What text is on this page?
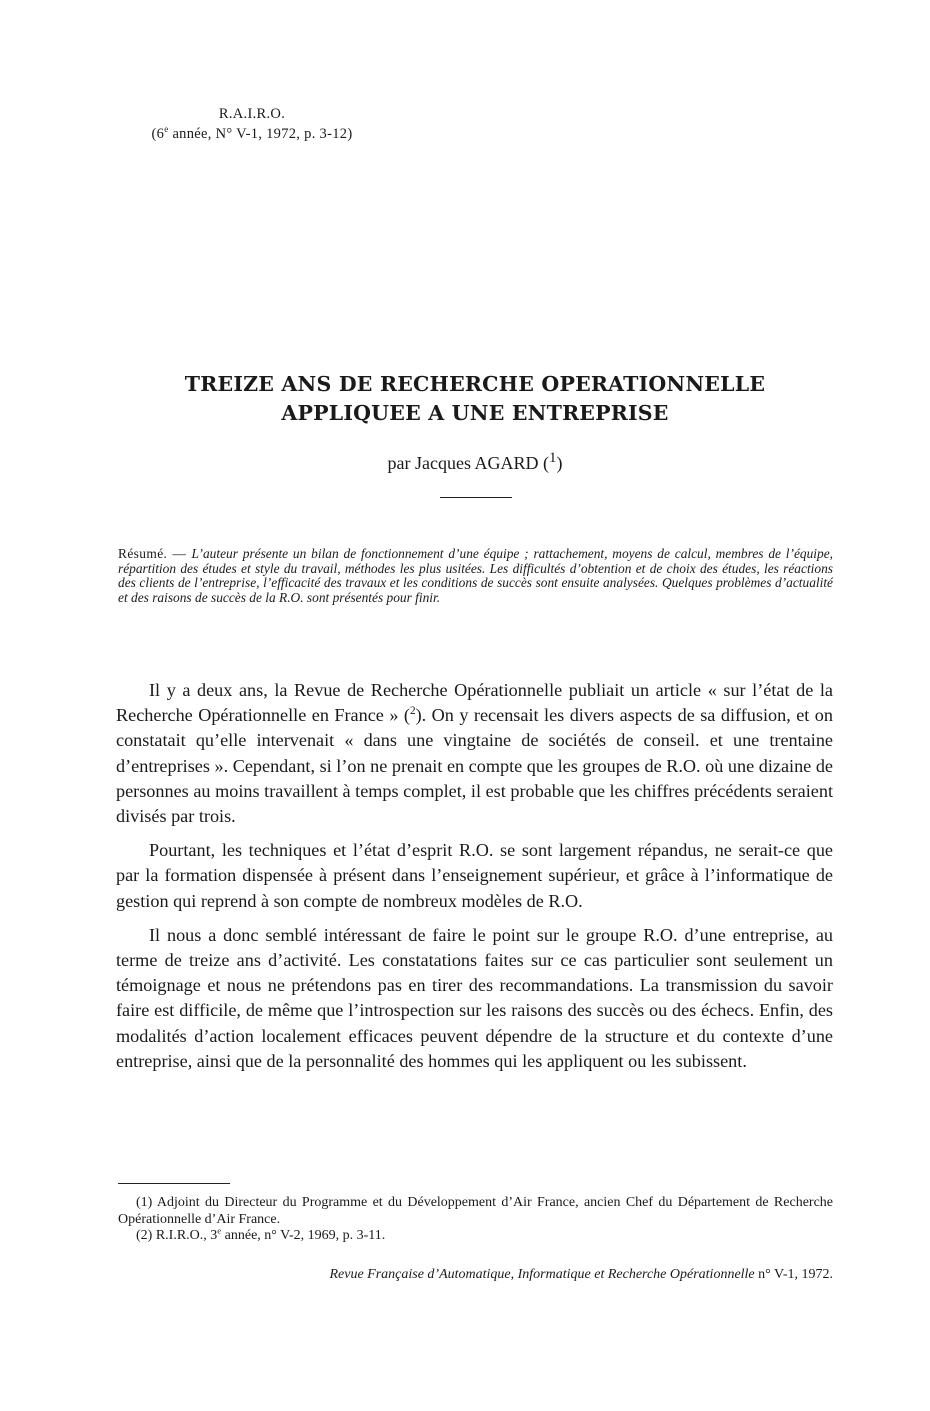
R.A.I.R.O.
(6e année, N° V-1, 1972, p. 3-12)
TREIZE ANS DE RECHERCHE OPERATIONNELLE
APPLIQUEE A UNE ENTREPRISE
par Jacques AGARD ($^1$)
Résumé. — L’auteur présente un bilan de fonctionnement d’une équipe ; rattachement, moyens de calcul, membres de l’équipe, répartition des études et style du travail, méthodes les plus usitées. Les difficultés d’obtention et de choix des études, les réactions des clients de l’entreprise, l’efficacité des travaux et les conditions de succès sont ensuite analysées. Quelques problèmes d’actualité et des raisons de succès de la R.O. sont présentés pour finir.

Il y a deux ans, la Revue de Recherche Opérationnelle publiait un article « sur l’état de la Recherche Opérationnelle en France » ($^2$). On y recensait les divers aspects de sa diffusion, et on constatait qu’elle intervenait « dans une vingtaine de sociétés de conseil. et une trentaine d’entreprises ». Cependant, si l’on ne prenait en compte que les groupes de R.O. où une dizaine de personnes au moins travaillent à temps complet, il est probable que les chiffres précédents seraient divisés par trois.

Pourtant, les techniques et l’état d’esprit R.O. se sont largement répandus, ne serait-ce que par la formation dispensée à présent dans l’enseignement supérieur, et grâce à l’informatique de gestion qui reprend à son compte de nombreux modèles de R.O.

Il nous a donc semblé intéressant de faire le point sur le groupe R.O. d’une entreprise, au terme de treize ans d’activité. Les constatations faites sur ce cas particulier sont seulement un témoignage et nous ne prétendons pas en tirer des recommandations. La transmission du savoir faire est difficile, de même que l’introspection sur les raisons des succès ou des échecs. Enfin, des modalités d’action localement efficaces peuvent dépendre de la structure et du contexte d’une entreprise, ainsi que de la personnalité des hommes qui les appliquent ou les subissent.

(1) Adjoint du Directeur du Programme et du Développement d’Air France, ancien Chef du Département de Recherche Opérationnelle d’Air France.

(2) R.I.R.O., 3e année, n° V-2, 1969, p. 3-11.

Revue Française d’Automatique, Informatique et Recherche Opérationnelle n° V-1, 1972.
